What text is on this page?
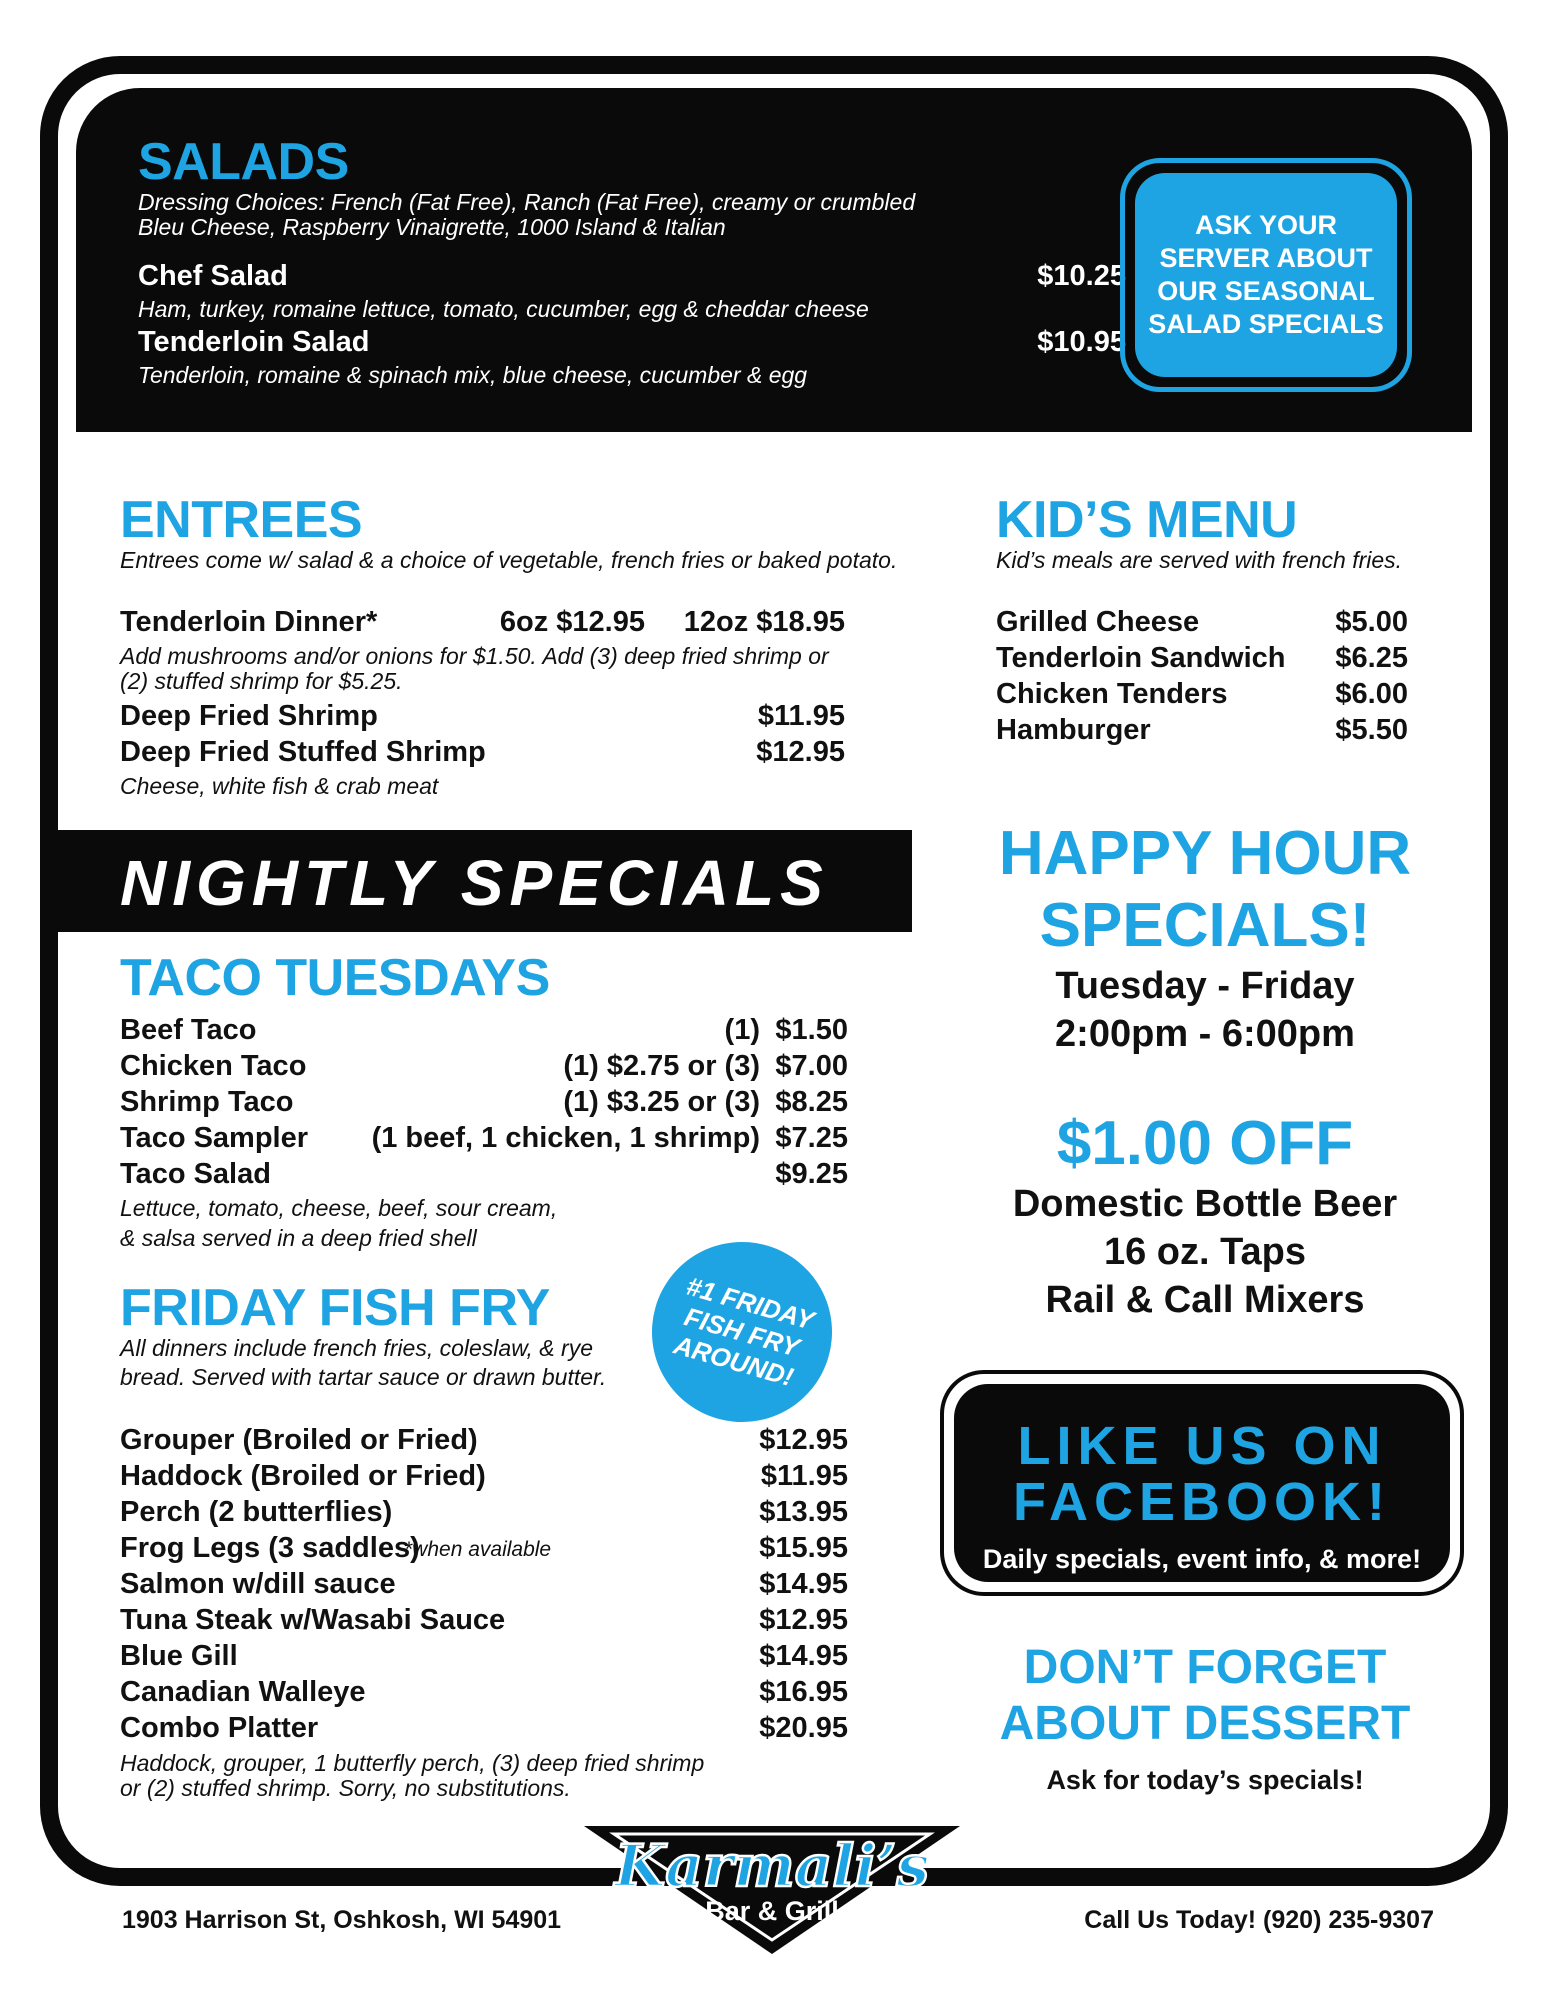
SALADS
Dressing Choices: French (Fat Free), Ranch (Fat Free), creamy or crumbled
Bleu Cheese, Raspberry Vinaigrette, 1000 Island & Italian
Chef Salad	$10.25
Ham, turkey, romaine lettuce, tomato, cucumber, egg & cheddar cheese
Tenderloin Salad	$10.95
Tenderloin, romaine & spinach mix, blue cheese, cucumber & egg
ASK YOUR SERVER ABOUT OUR SEASONAL SALAD SPECIALS
ENTREES
Entrees come w/ salad & a choice of vegetable, french fries or baked potato.
Tenderloin Dinner*	6oz $12.95	12oz $18.95
Add mushrooms and/or onions for $1.50. Add (3) deep fried shrimp or
(2) stuffed shrimp for $5.25.
Deep Fried Shrimp	$11.95
Deep Fried Stuffed Shrimp	$12.95
Cheese, white fish & crab meat
KID’S MENU
Kid’s meals are served with french fries.
Grilled Cheese	$5.00
Tenderloin Sandwich	$6.25
Chicken Tenders	$6.00
Hamburger	$5.50
NIGHTLY SPECIALS
TACO TUESDAYS
Beef Taco	(1) $1.50
Chicken Taco	(1) $2.75 or (3) $7.00
Shrimp Taco	(1) $3.25 or (3) $8.25
Taco Sampler	(1 beef, 1 chicken, 1 shrimp) $7.25
Taco Salad	$9.25
Lettuce, tomato, cheese, beef, sour cream,
& salsa served in a deep fried shell
FRIDAY FISH FRY
All dinners include french fries, coleslaw, & rye
bread. Served with tartar sauce or drawn butter.
#1 FRIDAY FISH FRY AROUND!
Grouper (Broiled or Fried)	$12.95
Haddock (Broiled or Fried)	$11.95
Perch (2 butterflies)	$13.95
Frog Legs (3 saddles)
*when available	$15.95
Salmon w/dill sauce	$14.95
Tuna Steak w/Wasabi Sauce	$12.95
Blue Gill	$14.95
Canadian Walleye	$16.95
Combo Platter	$20.95
Haddock, grouper, 1 butterfly perch, (3) deep fried shrimp
or (2) stuffed shrimp. Sorry, no substitutions.
HAPPY HOUR
SPECIALS!
Tuesday - Friday
2:00pm - 6:00pm
$1.00 OFF
Domestic Bottle Beer
16 oz. Taps
Rail & Call Mixers
LIKE US ON
FACEBOOK!
Daily specials, event info, & more!
DON’T FORGET
ABOUT DESSERT
Ask for today’s specials!
Karmali’s
Bar & Grill
1903 Harrison St, Oshkosh, WI 54901	Call Us Today! (920) 235-9307
